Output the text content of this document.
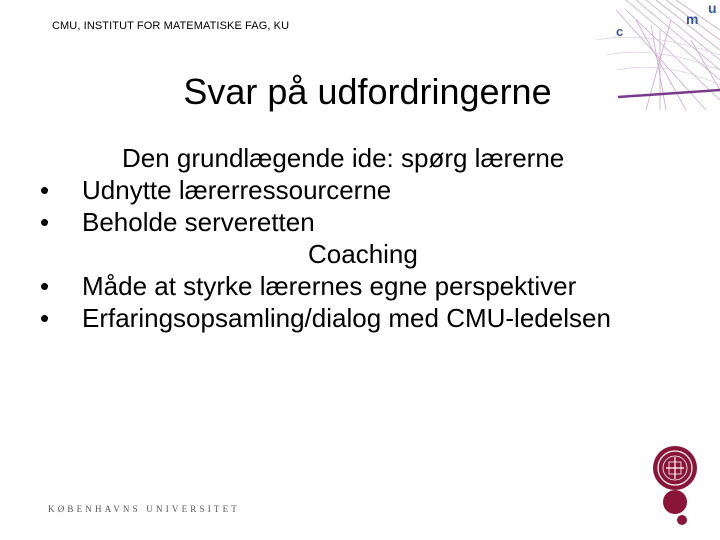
CMU, INSTITUT FOR MATEMATISKE FAG, KU
u
m
c
Svar på udfordringerne
Den grundlægende ide: spørg lærerne
•	Udnytte lærerressourcerne
•	Beholde serveretten
Coaching
•	Måde at styrke lærernes egne perspektiver
•	Erfaringsopsamling/dialog med CMU-ledelsen
KØBENHAVNS UNIVERSITET
